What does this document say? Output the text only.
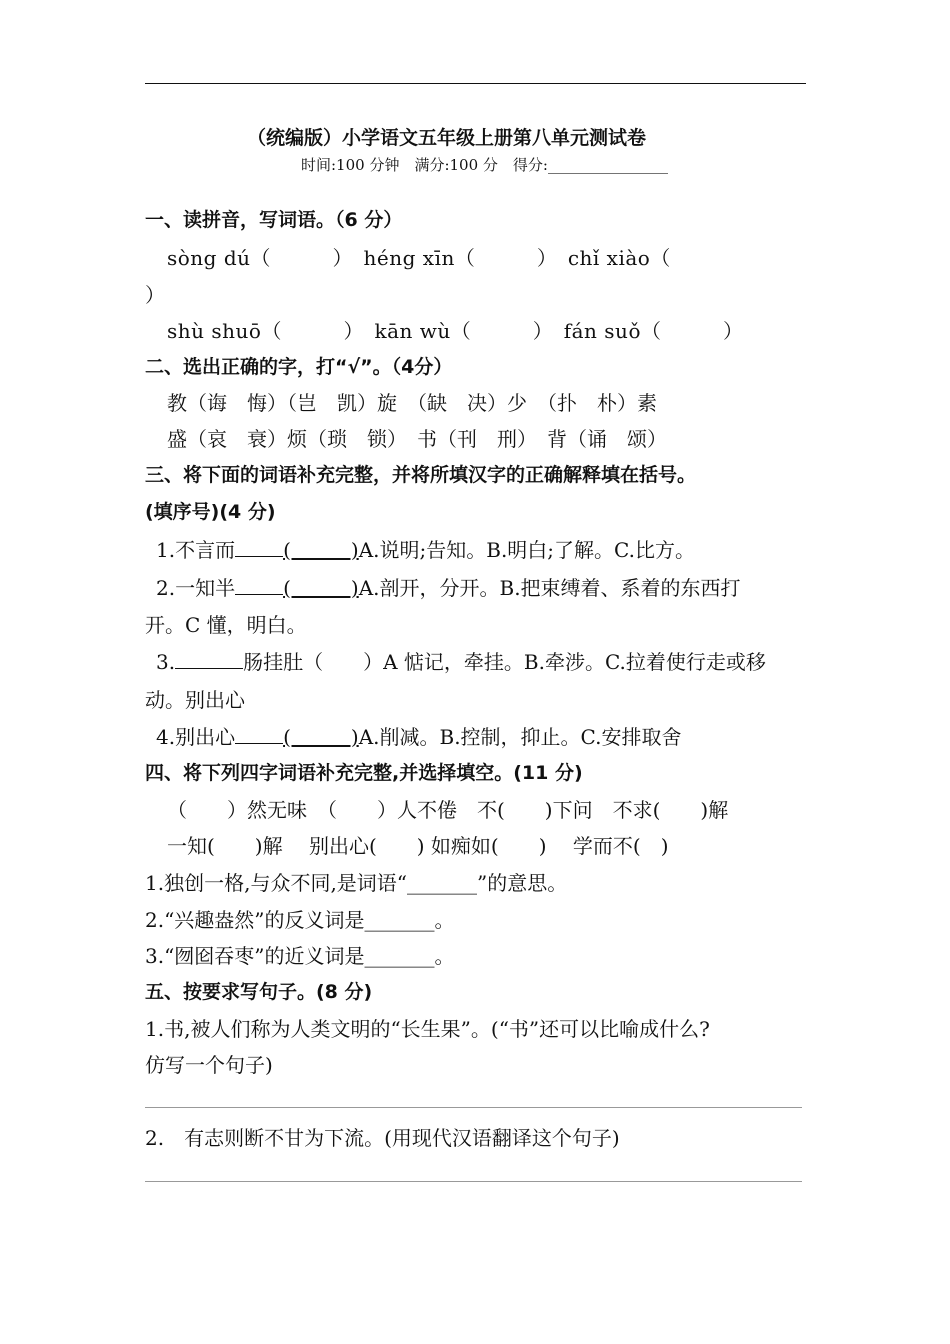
（统编版）小学语文五年级上册第八单元测试卷
时间:100 分钟　满分:100 分　得分:________________
一、读拼音，写词语。（6 分）
sòng dú（　　　）　héng xīn（　　　）　chǐ xiào（
）
shù shuō（　　　）　kān wù（　　　）　fán suǒ（　　　）
二、选出正确的字，打“√”。（4分）
教（诲　悔）（岂　凯）旋　（缺　决）少　（扑　朴）素
盛（哀　衰）烦（琐　锁）　书（刊　刑）　背（诵　颂）
三、将下面的词语补充完整，并将所填汉字的正确解释填在括号。
(填序号)(4 分)
1.不言而 (　　　)A.说明;告知。B.明白;了解。C.比方。
2.一知半 (　　　)A.剖开，分开。B.把束缚着、系着的东西打
开。C 懂，明白。
3.	肠挂肚（　　）A 惦记，牵挂。B.牵涉。C.拉着使行走或移
动。别出心
4.别出心 (　　　)A.削减。B.控制，抑止。C.安排取舍
四、将下列四字词语补充完整,并选择填空。(11 分)
（　　）然无味　（　　）人不倦　不(　　)下问　不求(　　)解
一知(　　)解　 别出心(　　) 如痴如(　　)　 学而不(　)
1.独创一格,与众不同,是词语“_______”的意思。
2.“兴趣盎然”的反义词是_______。
3.“囫囵吞枣”的近义词是_______。
五、按要求写句子。(8 分)
1.书,被人们称为人类文明的“长生果”。(“书”还可以比喻成什么?
仿写一个句子)
2.　有志则断不甘为下流。(用现代汉语翻译这个句子)
